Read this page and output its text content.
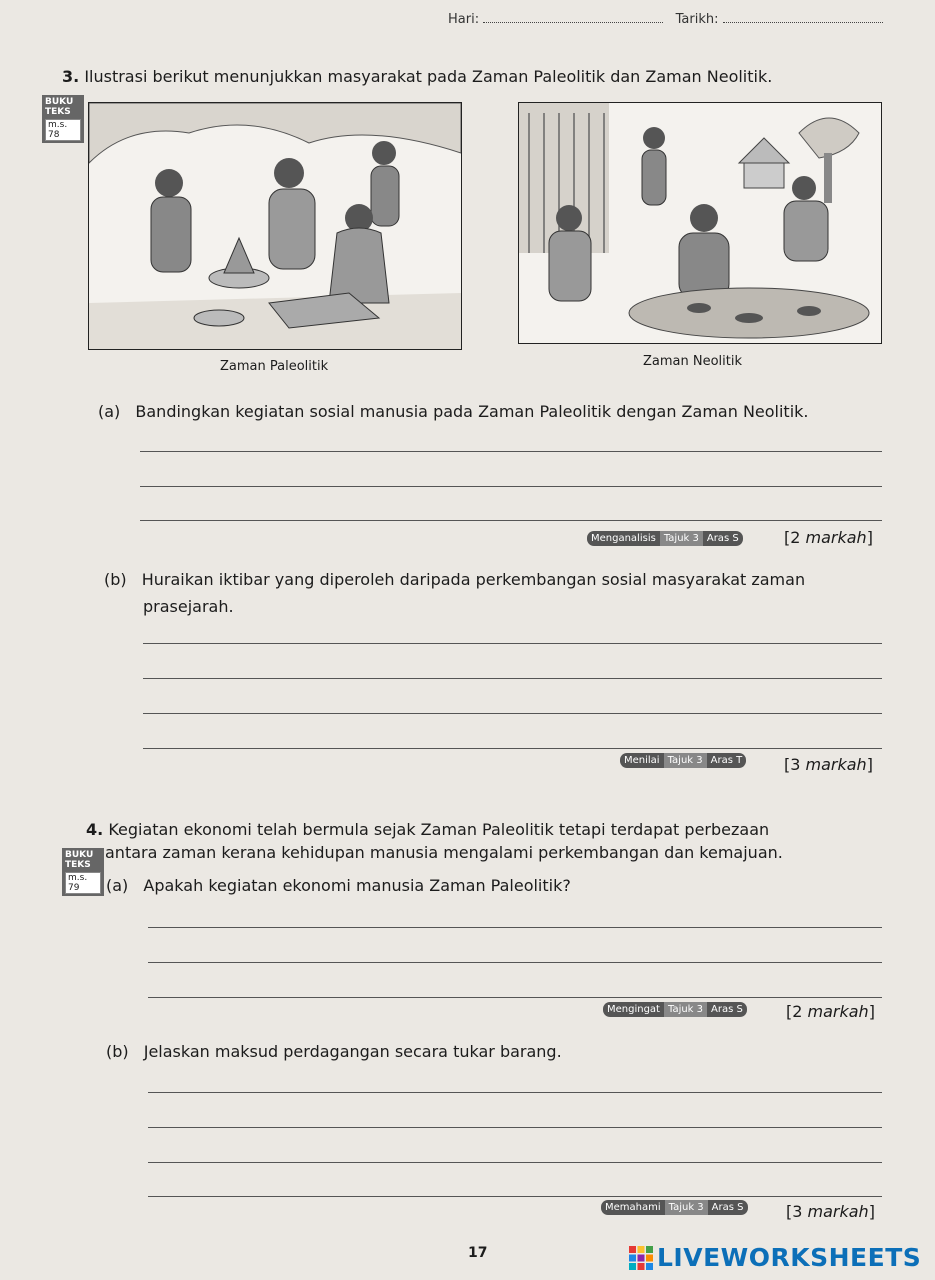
Hari:	Tarikh:
3. Ilustrasi berikut menunjukkan masyarakat pada Zaman Paleolitik dan Zaman Neolitik.
BUKU
TEKS
m.s. 78
Zaman Paleolitik	Zaman Neolitik
(a) Bandingkan kegiatan sosial manusia pada Zaman Paleolitik dengan Zaman Neolitik.
Menganalisis Tajuk 3 Aras S	[2 markah]
(b) Huraikan iktibar yang diperoleh daripada perkembangan sosial masyarakat zaman
prasejarah.
Menilai Tajuk 3 Aras T	[3 markah]
4. Kegiatan ekonomi telah bermula sejak Zaman Paleolitik tetapi terdapat perbezaan
antara zaman kerana kehidupan manusia mengalami perkembangan dan kemajuan.
BUKU
TEKS
m.s. 79	(a) Apakah kegiatan ekonomi manusia Zaman Paleolitik?
Mengingat Tajuk 3 Aras S	[2 markah]
(b) Jelaskan maksud perdagangan secara tukar barang.
Memahami Tajuk 3 Aras S	[3 markah]
17	LIVEWORKSHEETS
